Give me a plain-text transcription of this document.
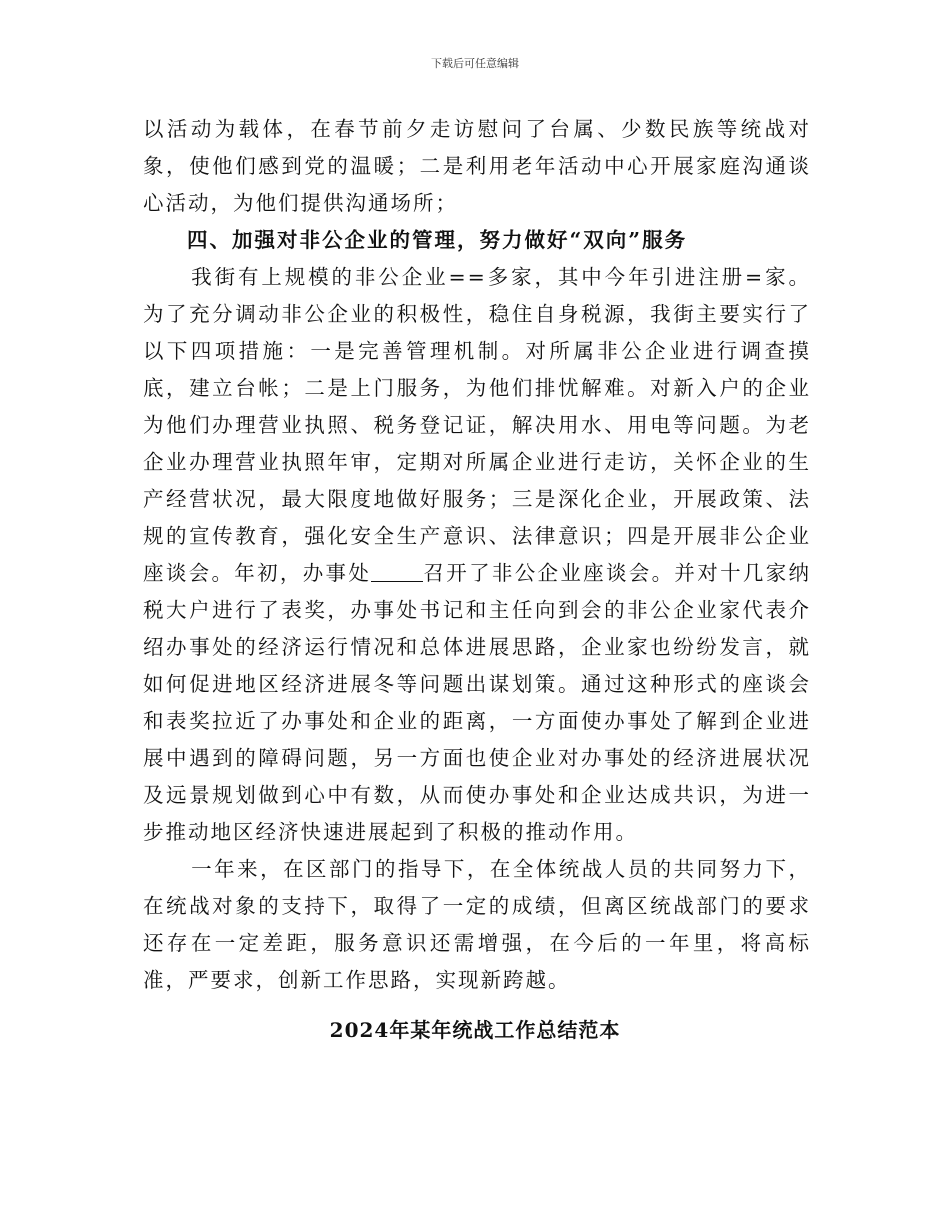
下载后可任意编辑

以活动为载体，在春节前夕走访慰问了台属、少数民族等统战对象，使他们感到党的温暖；二是利用老年活动中心开展家庭沟通谈心活动，为他们提供沟通场所；

四、加强对非公企业的管理，努力做好“双向”服务

我街有上规模的非公企业==多家，其中今年引进注册=家。为了充分调动非公企业的积极性，稳住自身税源，我街主要实行了以下四项措施：一是完善管理机制。对所属非公企业进行调查摸底，建立台帐；二是上门服务，为他们排忧解难。对新入户的企业为他们办理营业执照、税务登记证，解决用水、用电等问题。为老企业办理营业执照年审，定期对所属企业进行走访，关怀企业的生产经营状况，最大限度地做好服务；三是深化企业，开展政策、法规的宣传教育，强化安全生产意识、法律意识；四是开展非公企业座谈会。年初，办事处	召开了非公企业座谈会。并对十几家纳税大户进行了表奖，办事处书记和主任向到会的非公企业家代表介绍办事处的经济运行情况和总体进展思路，企业家也纷纷发言，就如何促进地区经济进展冬等问题出谋划策。通过这种形式的座谈会和表奖拉近了办事处和企业的距离，一方面使办事处了解到企业进展中遇到的障碍问题，另一方面也使企业对办事处的经济进展状况及远景规划做到心中有数，从而使办事处和企业达成共识，为进一步推动地区经济快速进展起到了积极的推动作用。

一年来，在区部门的指导下，在全体统战人员的共同努力下，在统战对象的支持下，取得了一定的成绩，但离区统战部门的要求还存在一定差距，服务意识还需增强，在今后的一年里，将高标准，严要求，创新工作思路，实现新跨越。

2024年某年统战工作总结范本
